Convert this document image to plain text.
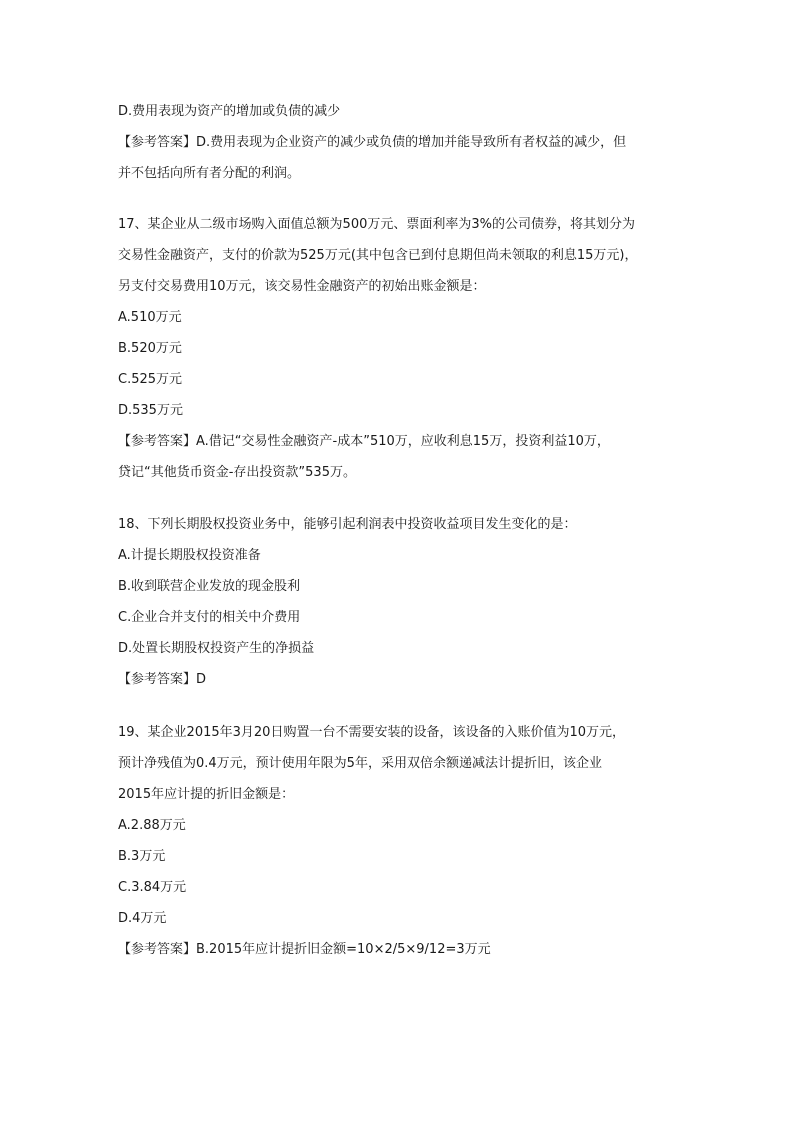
D.费用表现为资产的增加或负债的减少
【参考答案】D.费用表现为企业资产的减少或负债的增加并能导致所有者权益的减少，但
并不包括向所有者分配的利润。
17、某企业从二级市场购入面值总额为500万元、票面利率为3%的公司债券，将其划分为
交易性金融资产，支付的价款为525万元(其中包含已到付息期但尚未领取的利息15万元)，
另支付交易费用10万元，该交易性金融资产的初始出账金额是：
A.510万元
B.520万元
C.525万元
D.535万元
【参考答案】A.借记“交易性金融资产-成本”510万，应收利息15万，投资利益10万，
贷记“其他货币资金-存出投资款”535万。
18、下列长期股权投资业务中，能够引起利润表中投资收益项目发生变化的是：
A.计提长期股权投资准备
B.收到联营企业发放的现金股利
C.企业合并支付的相关中介费用
D.处置长期股权投资产生的净损益
【参考答案】D
19、某企业2015年3月20日购置一台不需要安装的设备，该设备的入账价值为10万元，
预计净残值为0.4万元，预计使用年限为5年，采用双倍余额递减法计提折旧，该企业
2015年应计提的折旧金额是：
A.2.88万元
B.3万元
C.3.84万元
D.4万元
【参考答案】B.2015年应计提折旧金额=10×2/5×9/12=3万元
